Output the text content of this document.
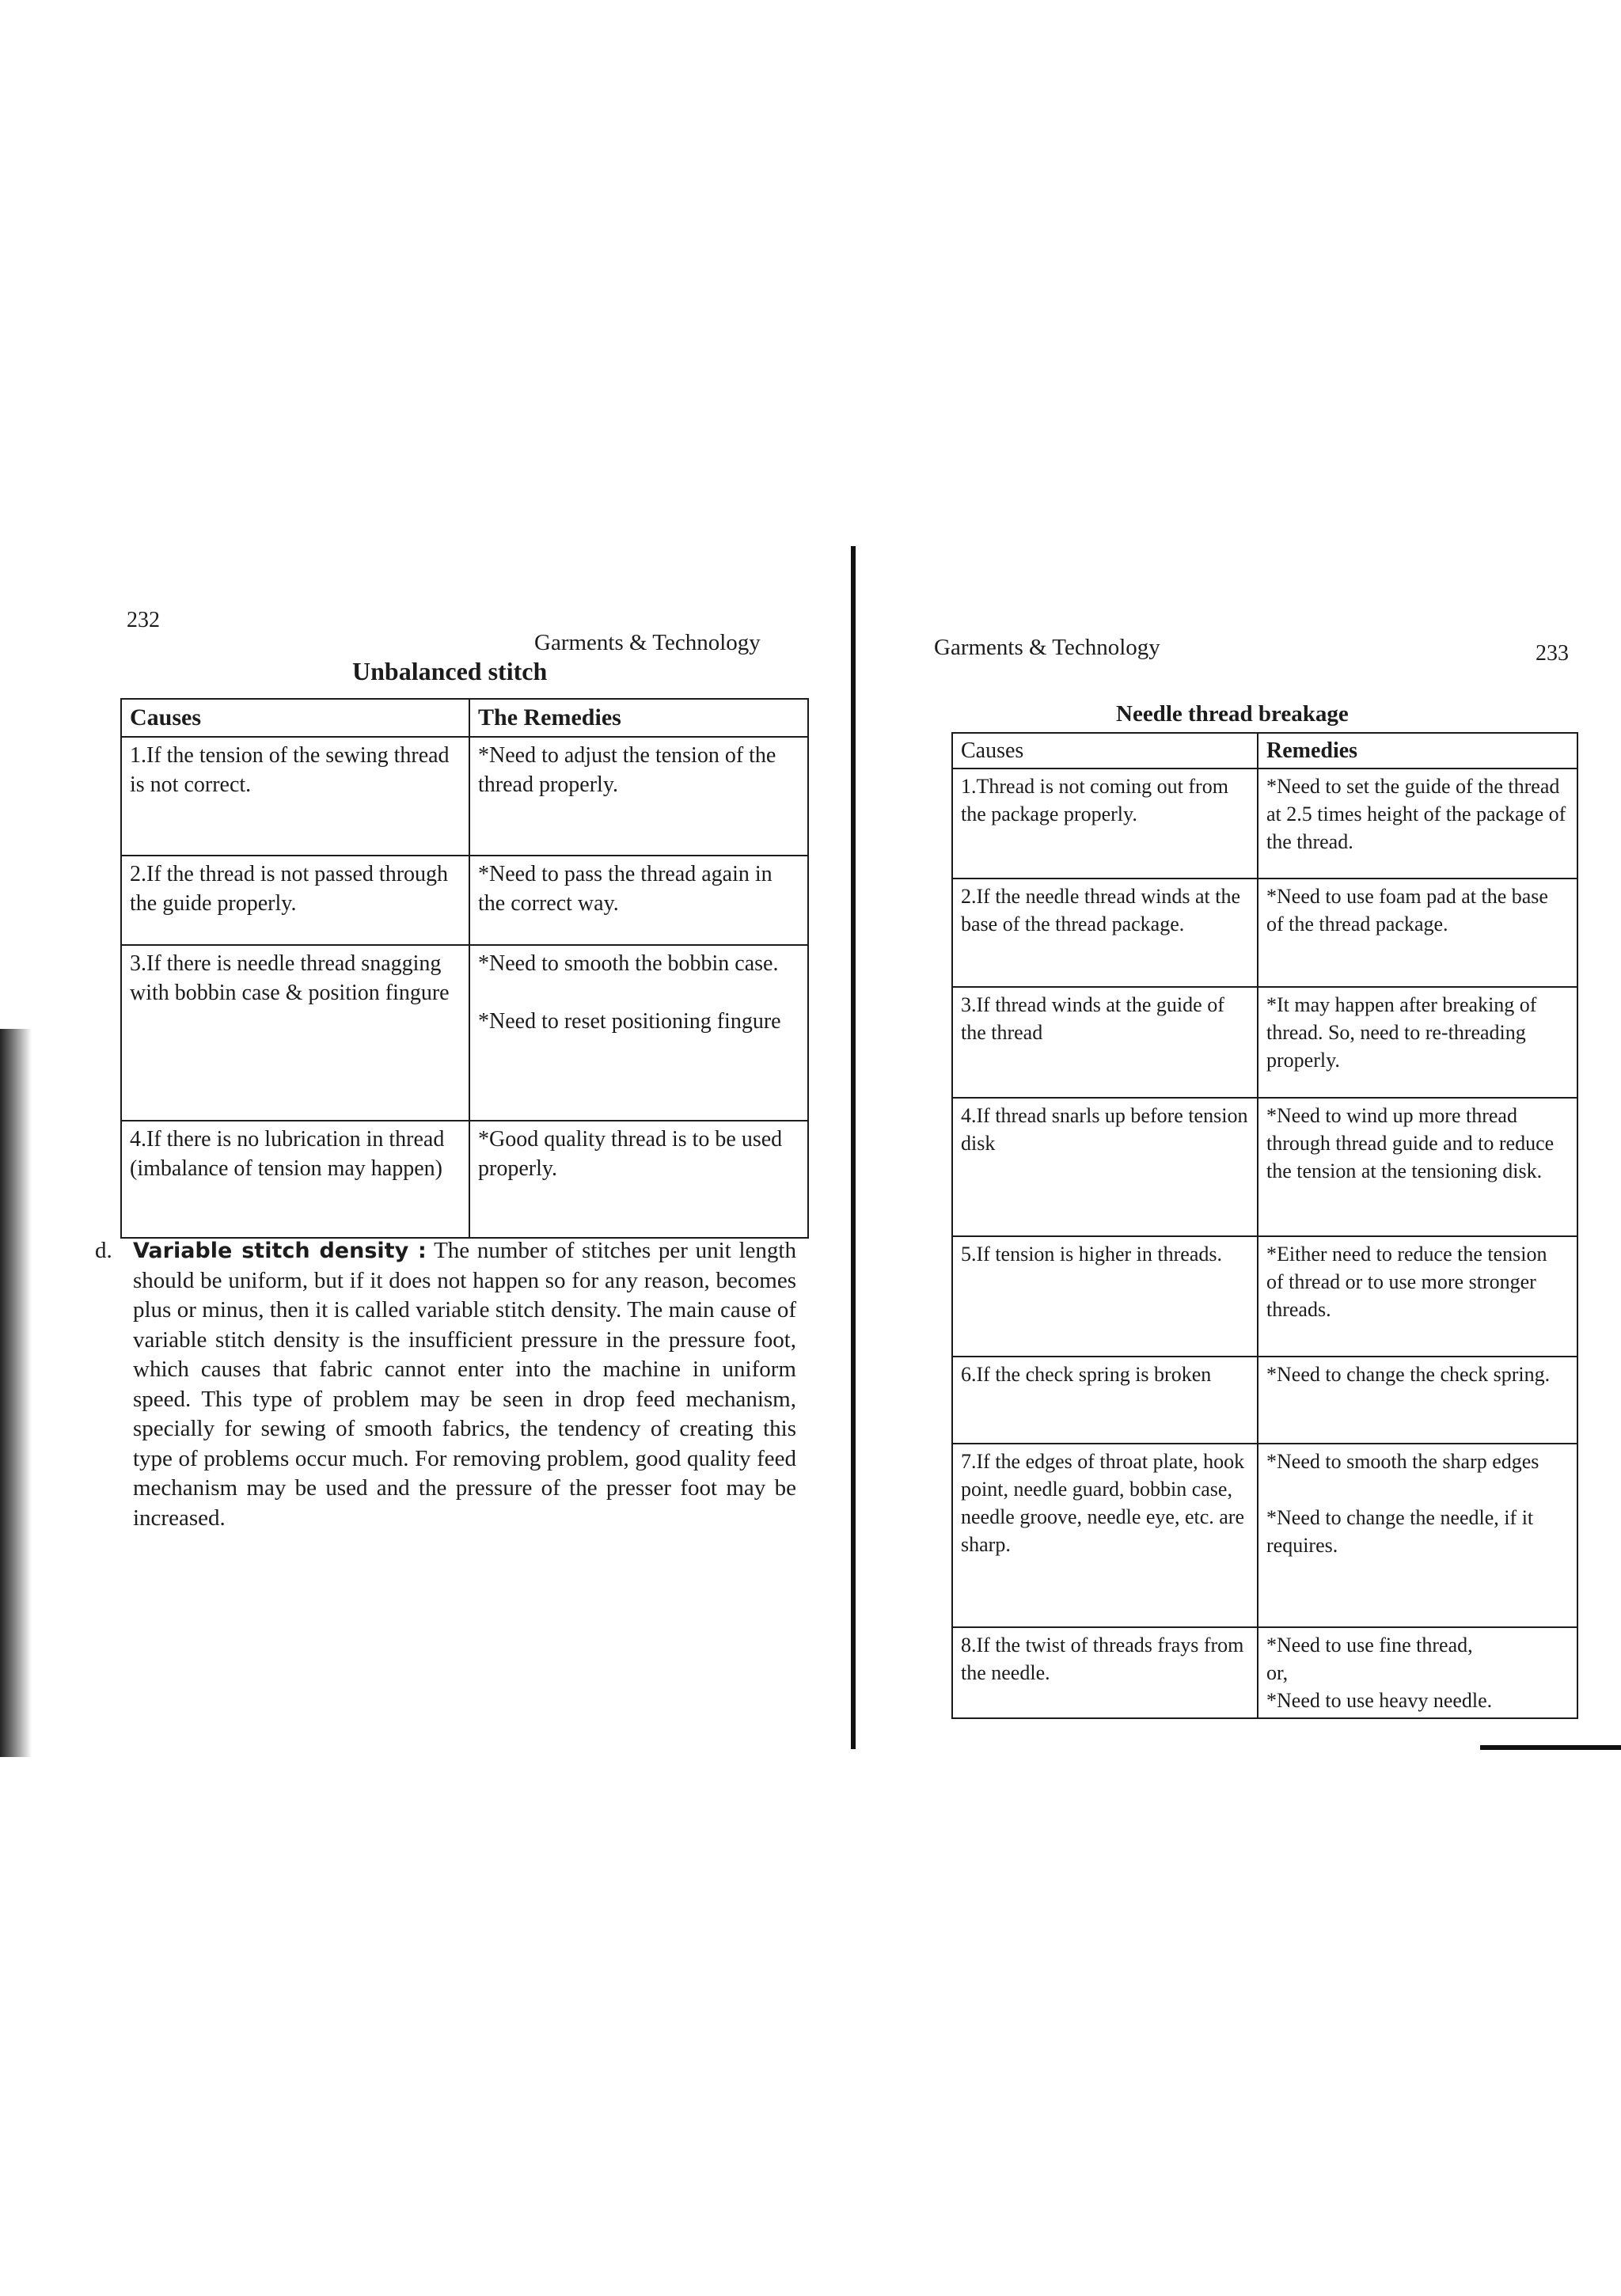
232
Garments & Technology
Unbalanced stitch
Causes	The Remedies
1.If the tension of the sewing thread is not correct.	*Need to adjust the tension of the thread properly.

2.If the thread is not passed through the guide properly.	*Need to pass the thread again in the correct way.

3.If there is needle thread snagging with bobbin case & position fingure	*Need to smooth the bobbin case.
*Need to reset positioning fingure

4.If there is no lubrication in thread (imbalance of tension may happen)	*Good quality thread is to be used properly.
d. Variable stitch density : The number of stitches per unit length should be uniform, but if it does not happen so for any reason, becomes plus or minus, then it is called variable stitch density. The main cause of variable stitch density is the insufficient pressure in the pressure foot, which causes that fabric cannot enter into the machine in uniform speed. This type of problem may be seen in drop feed mechanism, specially for sewing of smooth fabrics, the tendency of creating this type of problems occur much. For removing problem, good quality feed mechanism may be used and the pressure of the presser foot may be increased.
Garments & Technology	233
Needle thread breakage
Causes	Remedies
1.Thread is not coming out from the package properly.	*Need to set the guide of the thread at 2.5 times height of the package of the thread.

2.If the needle thread winds at the base of the thread package.	*Need to use foam pad at the base of the thread package.

3.If thread winds at the guide of the thread	*It may happen after breaking of thread. So, need to re-threading properly.

4.If thread snarls up before tension disk	*Need to wind up more thread through thread guide and to reduce the tension at the tensioning disk.

5.If tension is higher in threads.	*Either need to reduce the tension of thread or to use more stronger threads.

6.If the check spring is broken	*Need to change the check spring.

7.If the edges of throat plate, hook point, needle guard, bobbin case, needle groove, needle eye, etc. are sharp.	*Need to smooth the sharp edges
*Need to change the needle, if it requires.

8.If the twist of threads frays from the needle.	*Need to use fine thread,
or,
*Need to use heavy needle.
